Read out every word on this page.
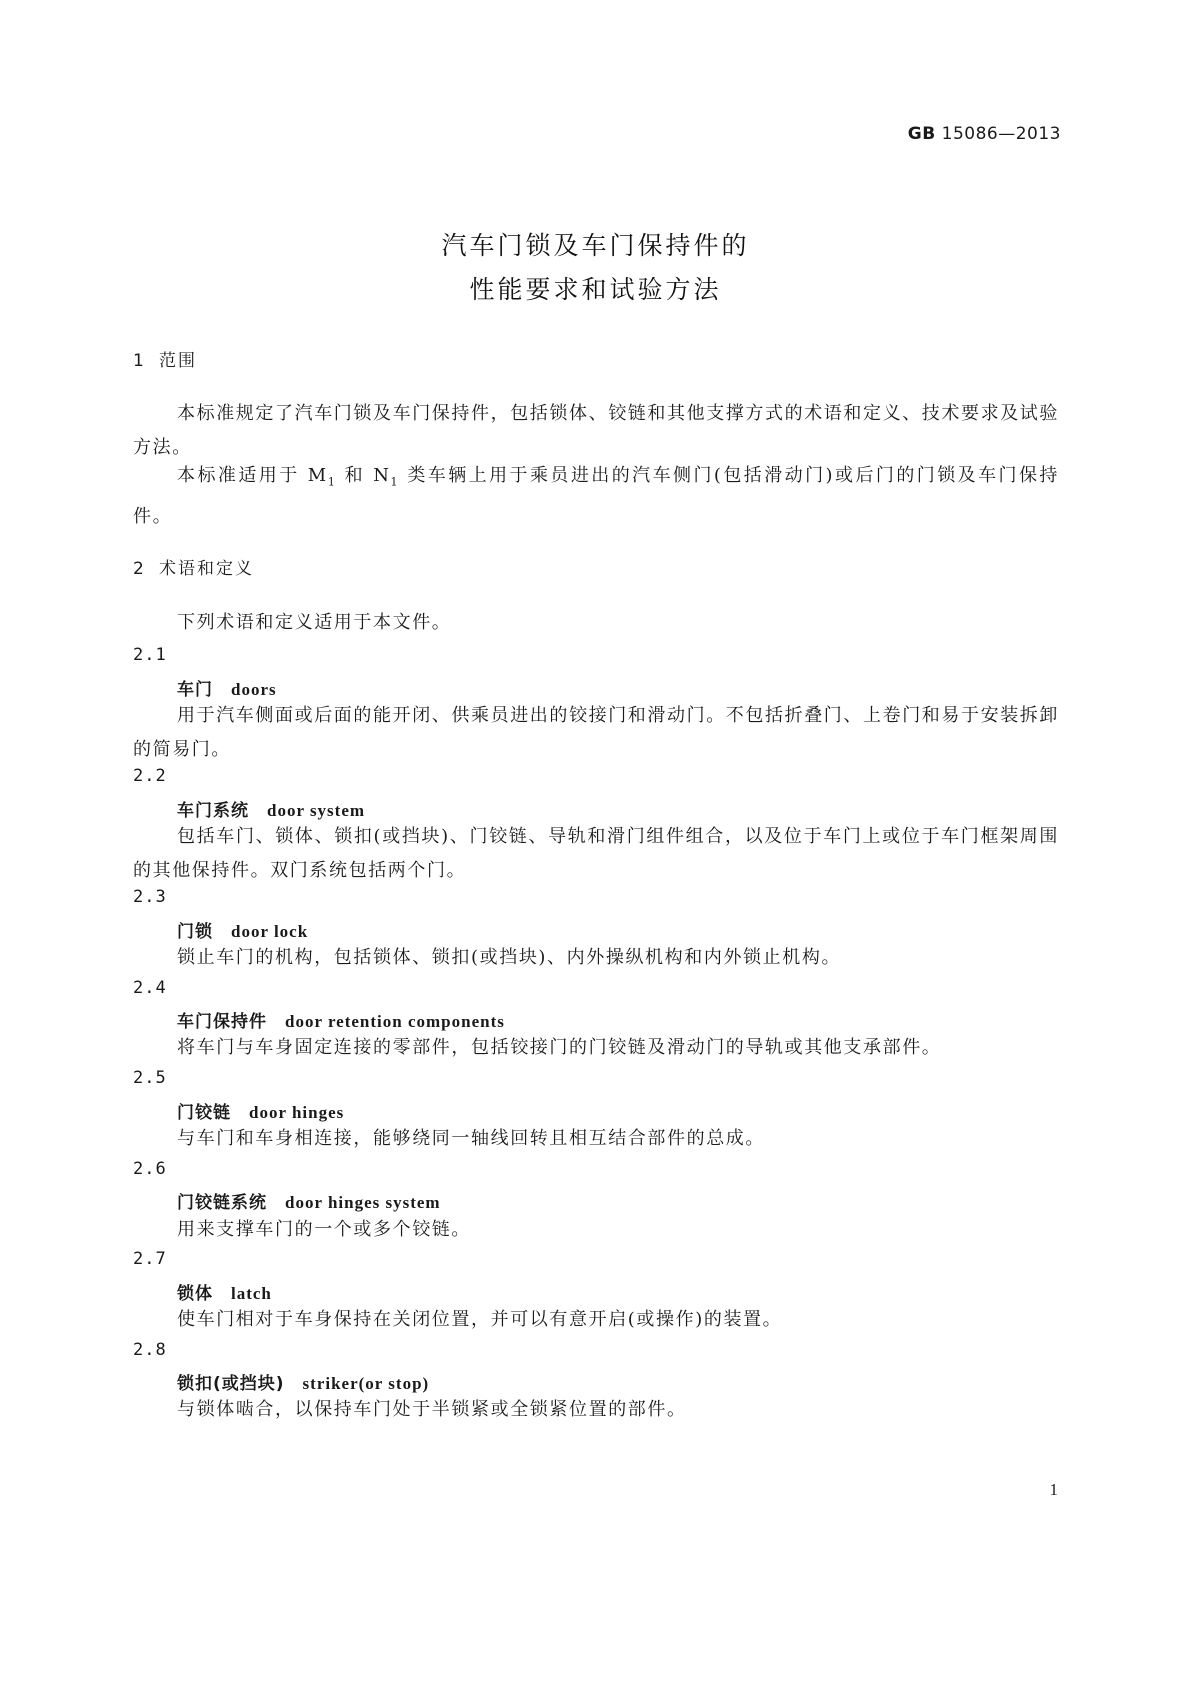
GB 15086—2013
汽车门锁及车门保持件的
性能要求和试验方法
1 范围
本标准规定了汽车门锁及车门保持件，包括锁体、铰链和其他支撑方式的术语和定义、技术要求及试验方法。
本标准适用于 $M_1$ 和 $N_1$ 类车辆上用于乘员进出的汽车侧门(包括滑动门)或后门的门锁及车门保持件。
2 术语和定义
下列术语和定义适用于本文件。
2.1
车门 doors
用于汽车侧面或后面的能开闭、供乘员进出的铰接门和滑动门。不包括折叠门、上卷门和易于安装拆卸的简易门。
2.2
车门系统 door system
包括车门、锁体、锁扣(或挡块)、门铰链、导轨和滑门组件组合，以及位于车门上或位于车门框架周围的其他保持件。双门系统包括两个门。
2.3
门锁 door lock
锁止车门的机构，包括锁体、锁扣(或挡块)、内外操纵机构和内外锁止机构。
2.4
车门保持件 door retention components
将车门与车身固定连接的零部件，包括铰接门的门铰链及滑动门的导轨或其他支承部件。
2.5
门铰链 door hinges
与车门和车身相连接，能够绕同一轴线回转且相互结合部件的总成。
2.6
门铰链系统 door hinges system
用来支撑车门的一个或多个铰链。
2.7
锁体 latch
使车门相对于车身保持在关闭位置，并可以有意开启(或操作)的装置。
2.8
锁扣(或挡块) striker(or stop)
与锁体啮合，以保持车门处于半锁紧或全锁紧位置的部件。
1
